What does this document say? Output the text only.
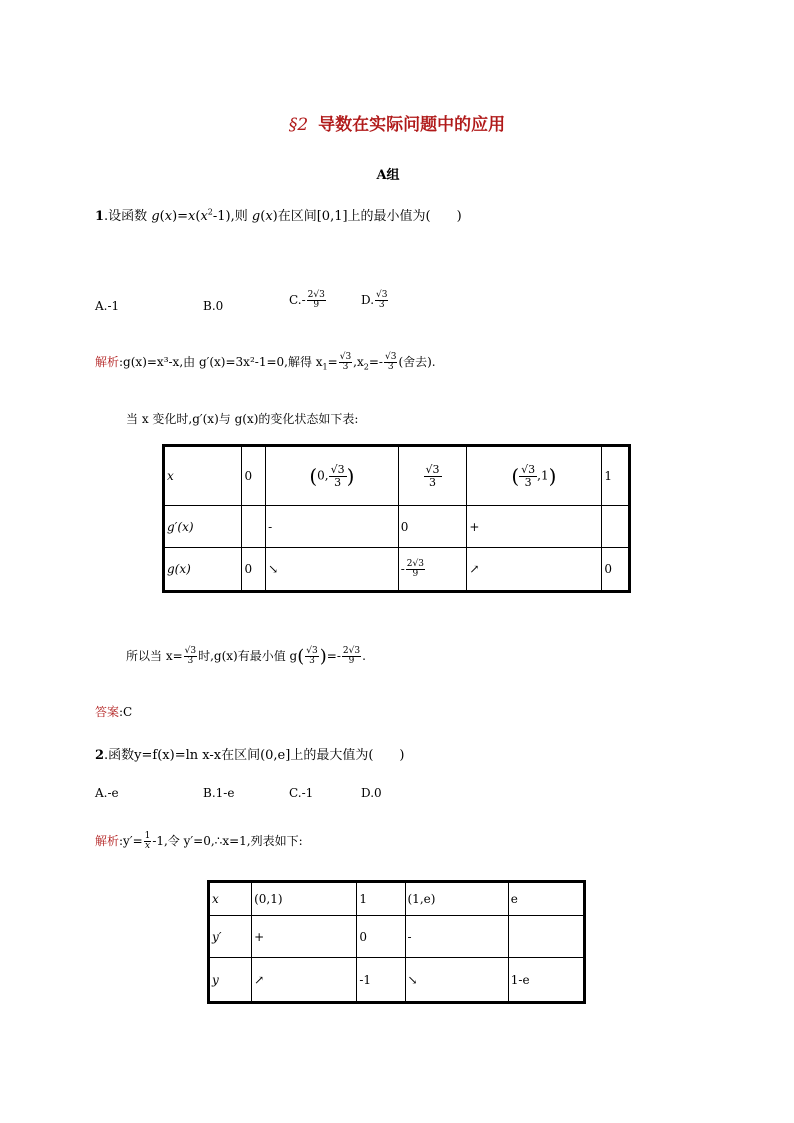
§2 导数在实际问题中的应用
A组
1.设函数 $g(x)=x(x^2-1)$,则 g(x)在区间[0,1]上的最小值为(　　)
A.-1	B.0	$C.- \frac{2√3}{9}$	D. $\frac{√3}{3}$
解析:g(x)=x³-x,由 g′(x)=3x²-1=0,解得 $x_1= \frac{√3}{3} ,x_2=- \frac{√3}{3}$ (舍去).
当 x 变化时,g′(x)与 g(x)的变化状态如下表:
x	0	(0, $\frac{√3}{3}$ )	$\frac{√3}{3}$	( $\frac{√3}{3} ,1$)	1
g′(x)		-	0	+	
g(x)	0	↘	- $\frac{2√3}{9}$	↗	0
所以当 $x= \frac{√3}{3}$ 时,g(x)有最小值 $g( \frac{√3}{3}$ )=- $\frac{2√3}{9}$ .
答案:C
2.函数y=f(x)=ln x-x在区间(0,e]上的最大值为(　　)
A.-e	B.1-e	C.-1	D.0
解析:y′= $\frac{1}{x} -1$,令 y′=0,∴x=1,列表如下:
x	(0,1)	1	(1,e)	e
y′	+	0	-	
y	↗	-1	↘	1-e
